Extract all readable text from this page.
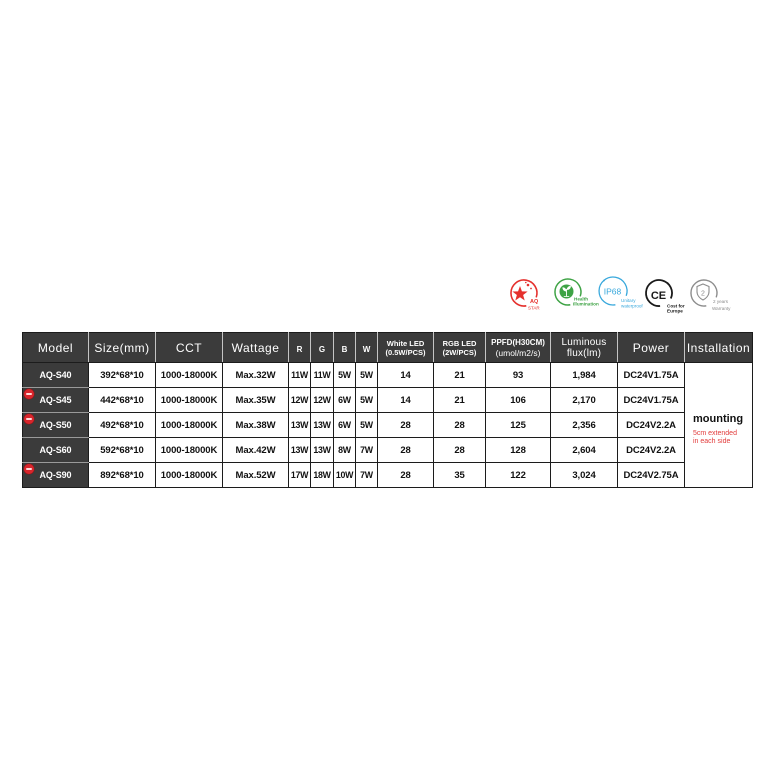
AQ
STAR
Health
Illumination
IP68
Unitary
waterproof
CE
Cost for
Europe
2
2 years
Warranty
Model	Size(mm)	CCT	Wattage	R	G	B	W	White LED
(0.5W/PCS)	RGB LED
(2W/PCS)	PPFD(H30CM)
(umol/m2/s)	Luminous
flux(lm)	Power	Installation
AQ-S40	392*68*10	1000-18000K	Max.32W	11W	11W	5W	5W	14	21	93	1,984	DC24V1.75A	mounting
5cm extended
in each side

AQ-S45	442*68*10	1000-18000K	Max.35W	12W	12W	6W	5W	14	21	106	2,170	DC24V1.75A	

AQ-S50	492*68*10	1000-18000K	Max.38W	13W	13W	6W	5W	28	28	125	2,356	DC24V2.2A	
AQ-S60	592*68*10	1000-18000K	Max.42W	13W	13W	8W	7W	28	28	128	2,604	DC24V2.2A	

AQ-S90	892*68*10	1000-18000K	Max.52W	17W	18W	10W	7W	28	35	122	3,024	DC24V2.75A	
